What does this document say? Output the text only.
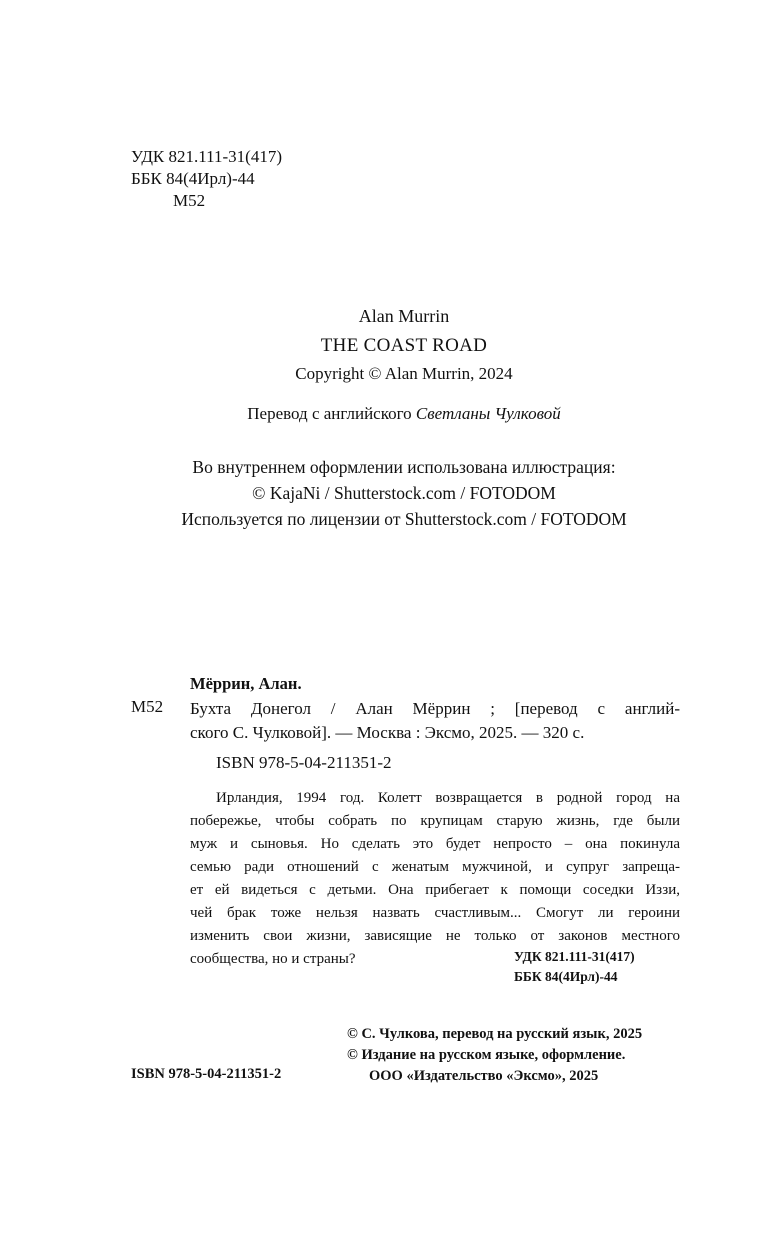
УДК 821.111-31(417)
ББК 84(4Ирл)-44
М52
Alan Murrin
THE COAST ROAD
Copyright © Alan Murrin, 2024
Перевод с английского Светланы Чулковой
Во внутреннем оформлении использована иллюстрация:
© KajaNi / Shutterstock.com / FOTODOM
Используется по лицензии от Shutterstock.com / FOTODOM
Мёррин, Алан.
М52 Бухта Донегол / Алан Мёррин ; [перевод с англий-
ского С. Чулковой]. — Москва : Эксмо, 2025. — 320 с.
ISBN 978-5-04-211351-2
Ирландия, 1994 год. Колетт возвращается в родной город на
побережье, чтобы собрать по крупицам старую жизнь, где были
муж и сыновья. Но сделать это будет непросто – она покинула
семью ради отношений с женатым мужчиной, и супруг запреща-
ет ей видеться с детьми. Она прибегает к помощи соседки Иззи,
чей брак тоже нельзя назвать счастливым... Смогут ли героини
изменить свои жизни, зависящие не только от законов местного
сообщества, но и страны?	УДК 821.111-31(417)
ББК 84(4Ирл)-44
© С. Чулкова, перевод на русский язык, 2025
© Издание на русском языке, оформление.
ООО «Издательство «Эксмо», 2025
ISBN 978-5-04-211351-2
